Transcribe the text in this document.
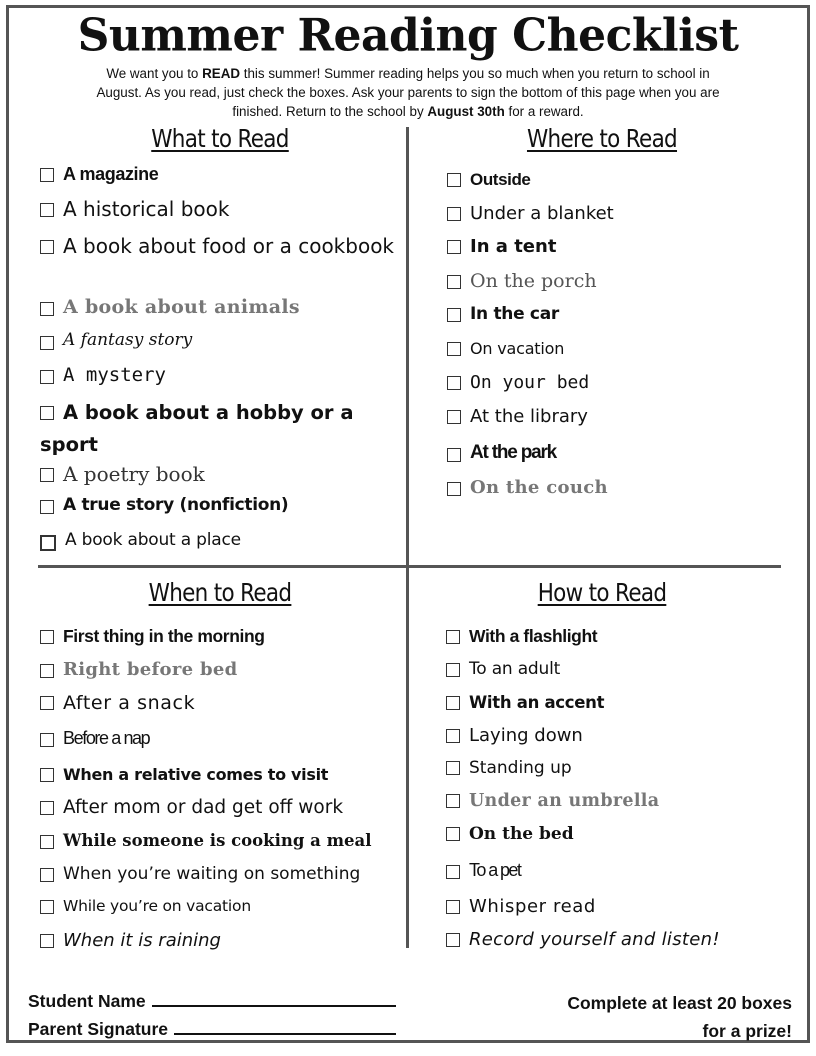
Summer Reading Checklist
We want you to READ this summer! Summer reading helps you so much when you return to school in August. As you read, just check the boxes. Ask your parents to sign the bottom of this page when you are finished. Return to the school by August 30th for a reward.
What to Read
A magazine
A historical book
A book about food or a cookbook
A book about animals
A fantasy story
A mystery
A book about a hobby or a sport
A poetry book
A true story (nonfiction)
A book about a place
Where to Read
Outside
Under a blanket
In a tent
On the porch
In the car
On vacation
On your bed
At the library
At the park
On the couch
When to Read
First thing in the morning
Right before bed
After a snack
Before a nap
When a relative comes to visit
After mom or dad get off work
While someone is cooking a meal
When you’re waiting on something
While you’re on vacation
When it is raining
How to Read
With a flashlight
To an adult
With an accent
Laying down
Standing up
Under an umbrella
On the bed
To a pet
Whisper read
Record yourself and listen!
Student Name
Parent Signature
Complete at least 20 boxes
for a prize!
